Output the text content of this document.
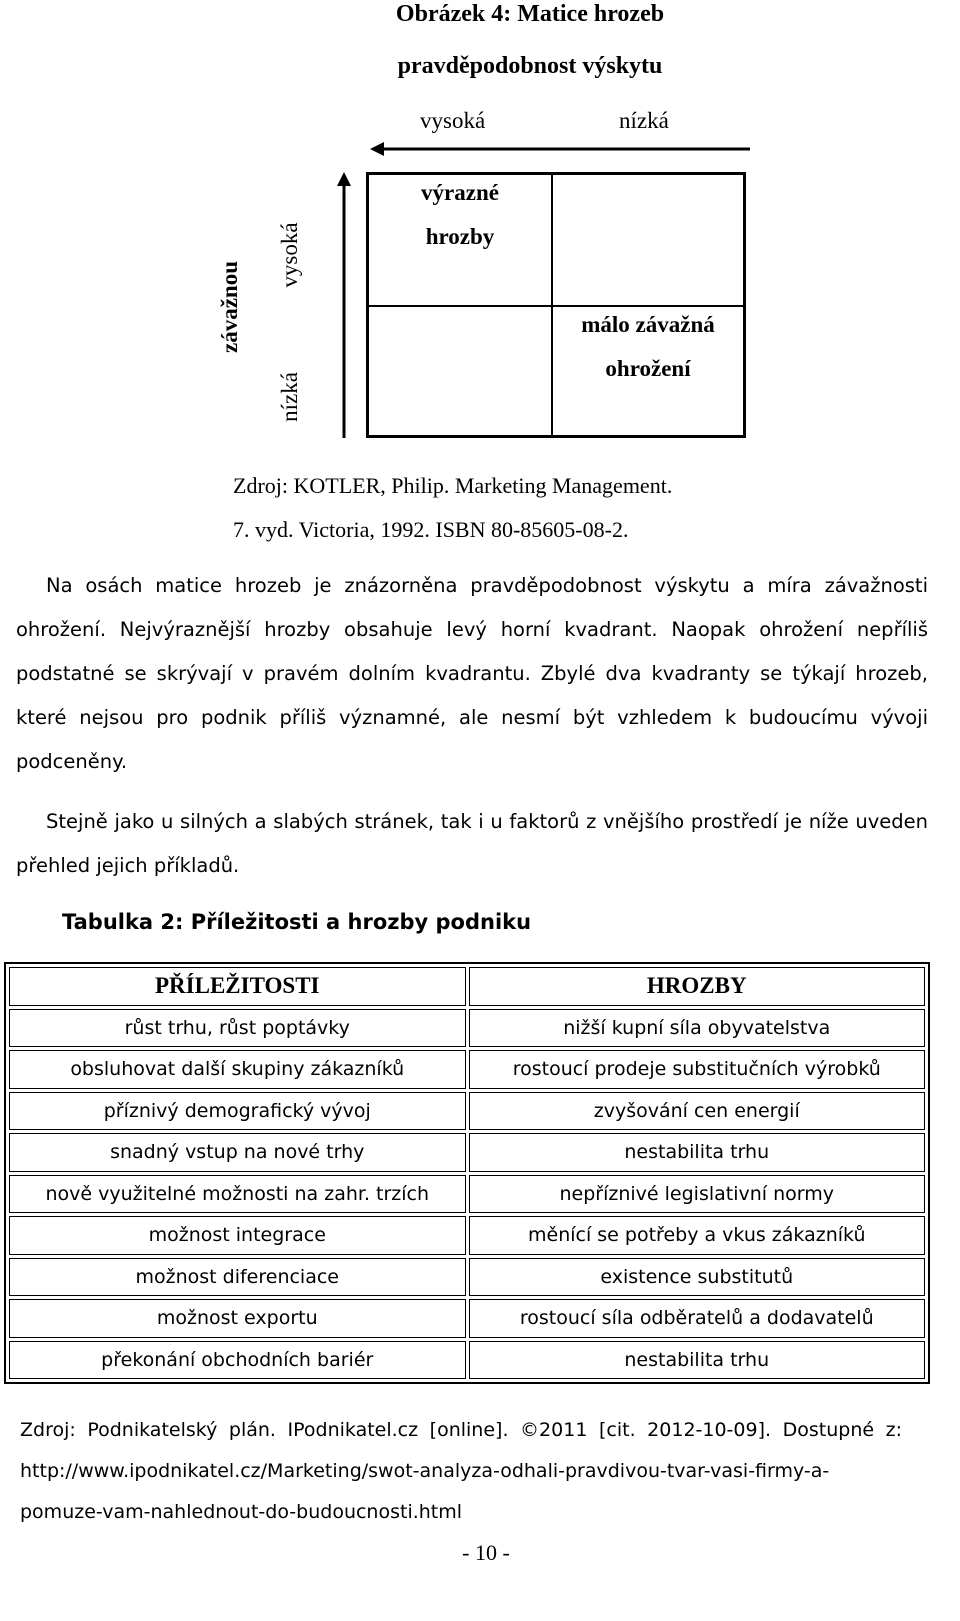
Obrázek 4: Matice hrozeb
pravděpodobnost výskytu
vysoká	nízká
závažnou
vysoká
nízká
výrazné
hrozby
málo závažná
ohrožení
Zdroj: KOTLER, Philip. Marketing Management.
7. vyd. Victoria, 1992. ISBN 80-85605-08-2.
Na osách matice hrozeb je znázorněna pravděpodobnost výskytu a míra závažnosti ohrožení. Nejvýraznější hrozby obsahuje levý horní kvadrant. Naopak ohrožení nepříliš podstatné se skrývají v pravém dolním kvadrantu. Zbylé dva kvadranty se týkají hrozeb, které nejsou pro podnik příliš významné, ale nesmí být vzhledem k budoucímu vývoji podceněny.
Stejně jako u silných a slabých stránek, tak i u faktorů z vnějšího prostředí je níže uveden přehled jejich příkladů.
Tabulka 2: Příležitosti a hrozby podniku
PŘÍLEŽITOSTI	HROZBY
růst trhu, růst poptávky	nižší kupní síla obyvatelstva
obsluhovat další skupiny zákazníků	rostoucí prodeje substitučních výrobků
příznivý demografický vývoj	zvyšování cen energií
snadný vstup na nové trhy	nestabilita trhu
nově využitelné možnosti na zahr. trzích	nepříznivé legislativní normy
možnost integrace	měnící se potřeby a vkus zákazníků
možnost diferenciace	existence substitutů
možnost exportu	rostoucí síla odběratelů a dodavatelů
překonání obchodních bariér	nestabilita trhu
Zdroj: Podnikatelský plán. IPodnikatel.cz [online]. ©2011 [cit. 2012-10-09]. Dostupné z: http://www.ipodnikatel.cz/Marketing/swot-analyza-odhali-pravdivou-tvar-vasi-firmy-a-pomuze-vam-nahlednout-do-budoucnosti.html
- 10 -
